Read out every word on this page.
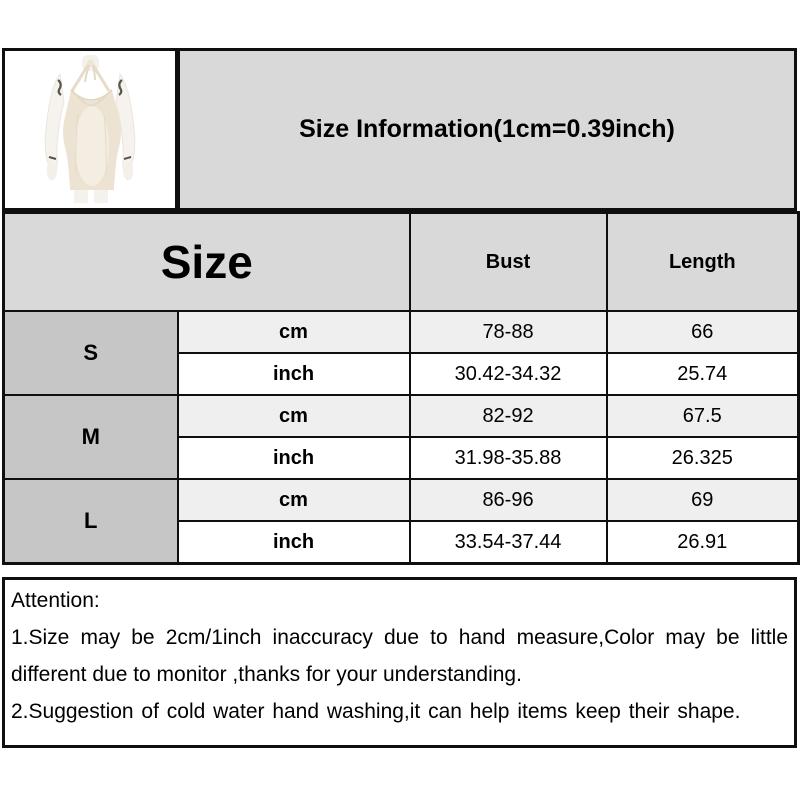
Size Information(1cm=0.39inch)
Size		Bust	Length
S	cm	78-88	66
	inch	30.42-34.32	25.74
M	cm	82-92	67.5
	inch	31.98-35.88	26.325
L	cm	86-96	69
	inch	33.54-37.44	26.91
Attention:
1.Size may be 2cm/1inch inaccuracy due to hand measure,Color may be little different due to monitor ,thanks for your understanding.
2.Suggestion of cold water hand washing,it can help items keep their shape.
